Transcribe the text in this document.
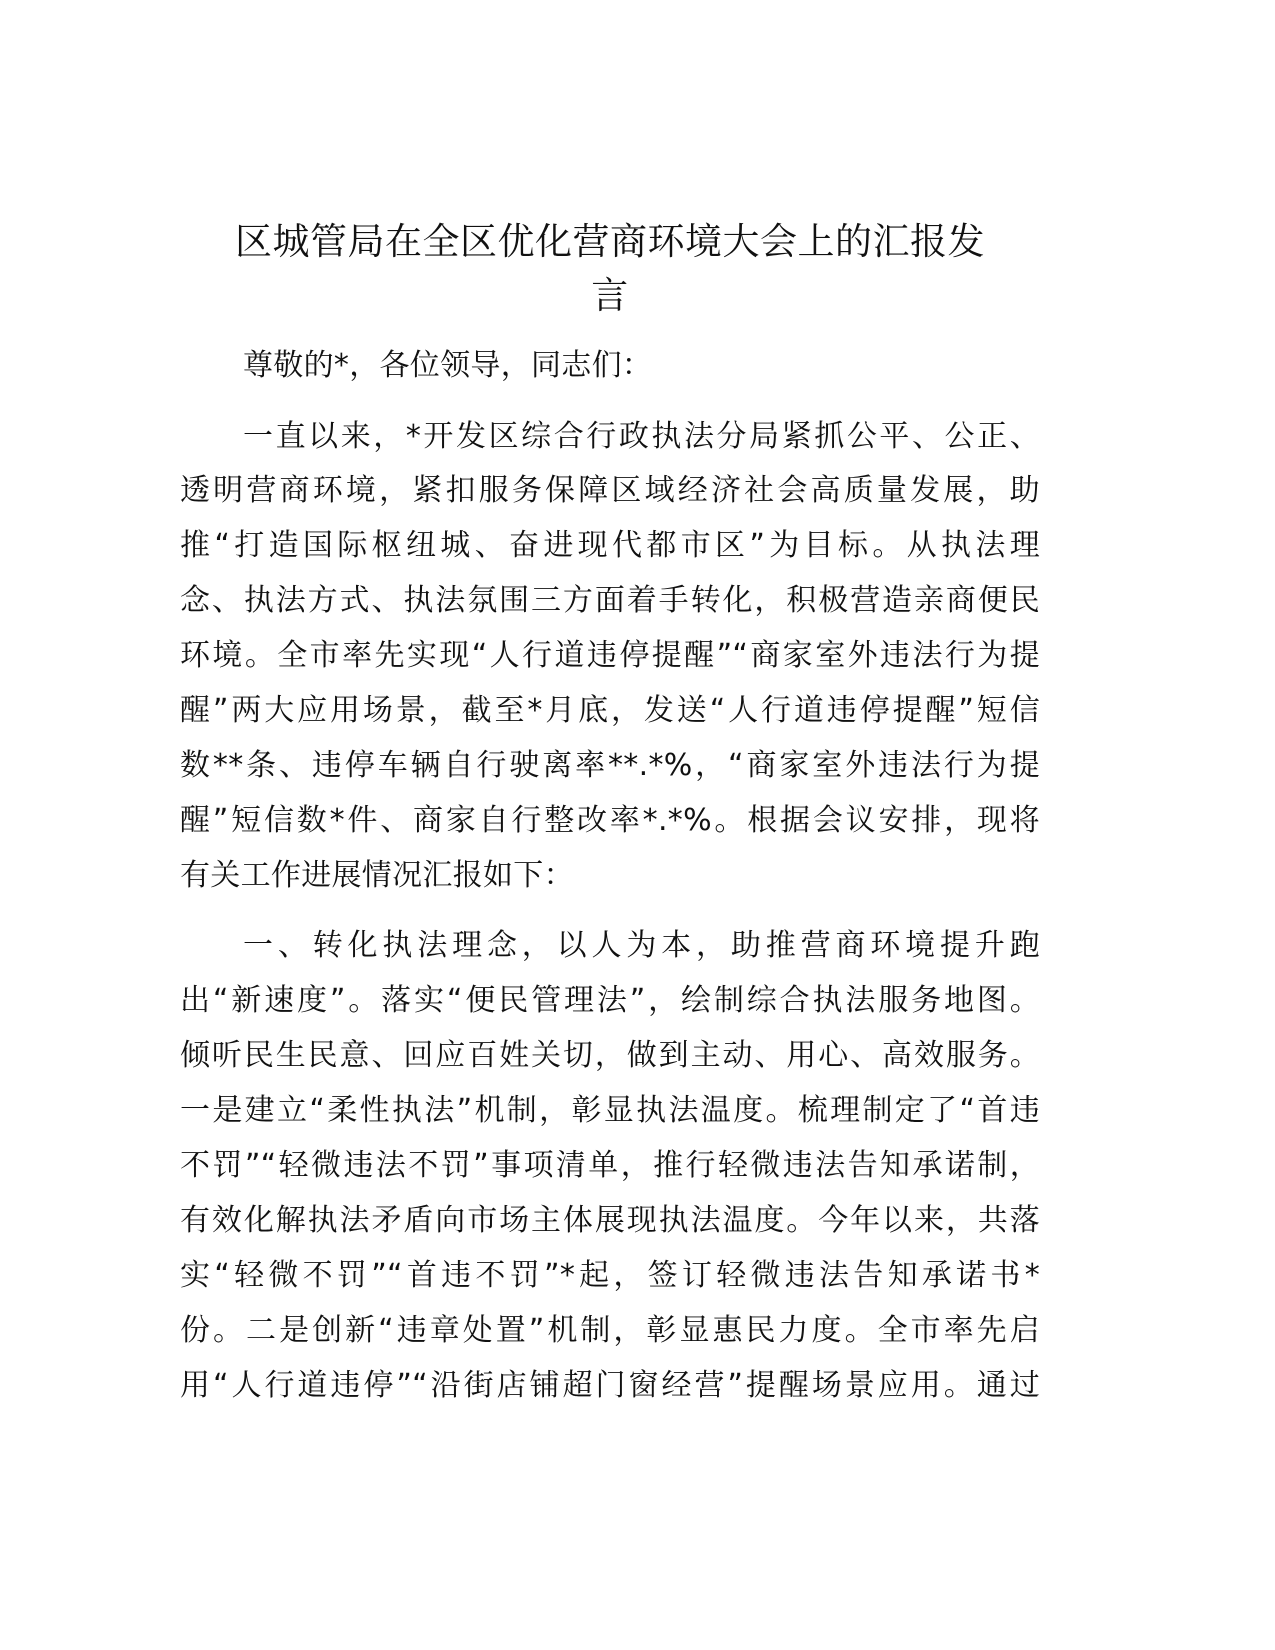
区城管局在全区优化营商环境大会上的汇报发
言
尊敬的*，各位领导，同志们：
一直以来，*开发区综合行政执法分局紧抓公平、公正、
透明营商环境，紧扣服务保障区域经济社会高质量发展，助
推“打造国际枢纽城、奋进现代都市区”为目标。从执法理
念、执法方式、执法氛围三方面着手转化，积极营造亲商便民
环境。全市率先实现“人行道违停提醒”“商家室外违法行为提
醒”两大应用场景，截至*月底，发送“人行道违停提醒”短信
数**条、违停车辆自行驶离率**.*%，“商家室外违法行为提
醒”短信数*件、商家自行整改率*.*%。根据会议安排，现将
有关工作进展情况汇报如下：
一、转化执法理念，以人为本，助推营商环境提升跑
出“新速度”。落实“便民管理法”，绘制综合执法服务地图。
倾听民生民意、回应百姓关切，做到主动、用心、高效服务。
一是建立“柔性执法”机制，彰显执法温度。梳理制定了“首违
不罚”“轻微违法不罚”事项清单，推行轻微违法告知承诺制，
有效化解执法矛盾向市场主体展现执法温度。今年以来，共落
实“轻微不罚”“首违不罚”*起，签订轻微违法告知承诺书*
份。二是创新“违章处置”机制，彰显惠民力度。全市率先启
用“人行道违停”“沿街店铺超门窗经营”提醒场景应用。通过
